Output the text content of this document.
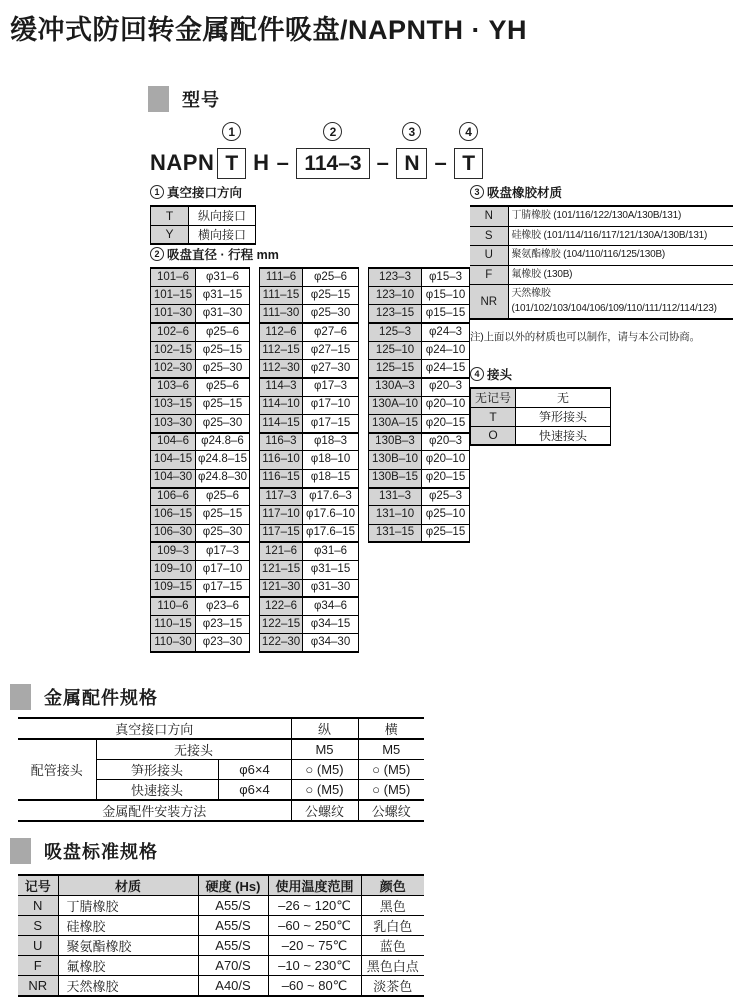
缓冲式防回转金属配件吸盘/NAPNTH · YH
型号
NAPN
1
T H –
2
114–3 –
3
N –
4
T
1 真空接口方向
T	纵向接口
Y	横向接口
2 吸盘直径 · 行程 mm
101–6	φ31–6
101–15	φ31–15
101–30	φ31–30
102–6	φ25–6
102–15	φ25–15
102–30	φ25–30
103–6	φ25–6
103–15	φ25–15
103–30	φ25–30
104–6	φ24.8–6
104–15	φ24.8–15
104–30	φ24.8–30
106–6	φ25–6
106–15	φ25–15
106–30	φ25–30
109–3	φ17–3
109–10	φ17–10
109–15	φ17–15
110–6	φ23–6
110–15	φ23–15
110–30	φ23–30
111–6	φ25–6
111–15	φ25–15
111–30	φ25–30
112–6	φ27–6
112–15	φ27–15
112–30	φ27–30
114–3	φ17–3
114–10	φ17–10
114–15	φ17–15
116–3	φ18–3
116–10	φ18–10
116–15	φ18–15
117–3	φ17.6–3
117–10	φ17.6–10
117–15	φ17.6–15
121–6	φ31–6
121–15	φ31–15
121–30	φ31–30
122–6	φ34–6
122–15	φ34–15
122–30	φ34–30
123–3	φ15–3
123–10	φ15–10
123–15	φ15–15
125–3	φ24–3
125–10	φ24–10
125–15	φ24–15
130A–3	φ20–3
130A–10	φ20–10
130A–15	φ20–15
130B–3	φ20–3
130B–10	φ20–10
130B–15	φ20–15
131–3	φ25–3
131–10	φ25–10
131–15	φ25–15
3 吸盘橡胶材质
N	丁腈橡胶 (101/116/122/130A/130B/131)
S	硅橡胶 (101/114/116/117/121/130A/130B/131)
U	聚氨酯橡胶 (104/110/116/125/130B)
F	氟橡胶 (130B)
NR	天然橡胶 (101/102/103/104/106/109/110/111/112/114/123)
注)上面以外的材质也可以制作，请与本公司协商。
4 接头
无记号	无
T	笋形接头
O	快速接头
金属配件规格
真空接口方向			纵	横
配管接头	无接头		M5	M5
	笋形接头	φ6×4	○ (M5)	○ (M5)
	快速接头	φ6×4	○ (M5)	○ (M5)
金属配件安装方法			公螺纹	公螺纹
吸盘标准规格
记号	材质	硬度 (Hs)	使用温度范围	颜色
N	丁腈橡胶	A55/S	–26 ~ 120℃	黑色
S	硅橡胶	A55/S	–60 ~ 250℃	乳白色
U	聚氨酯橡胶	A55/S	–20 ~ 75℃	蓝色
F	氟橡胶	A70/S	–10 ~ 230℃	黑色白点
NR	天然橡胶	A40/S	–60 ~ 80℃	淡茶色
